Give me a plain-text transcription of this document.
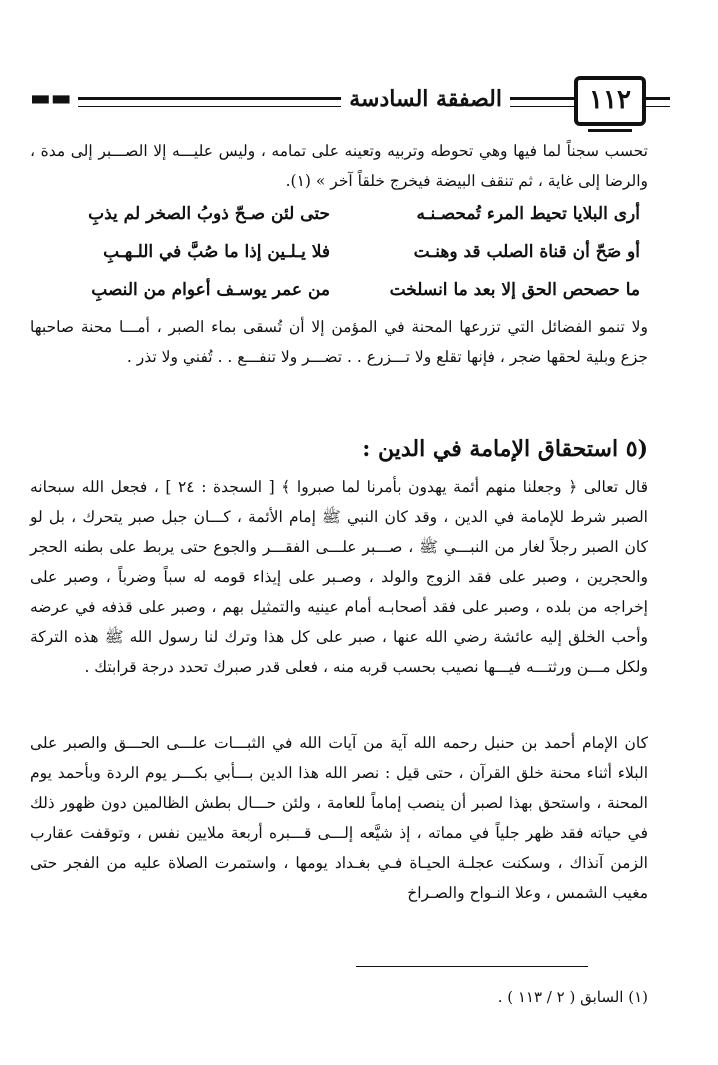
▬▬	الصفقة السادسة	١١٢
تحسب سجناً لما فيها وهي تحوطه وتربيه وتعينه على تمامه ، وليس عليـــه إلا الصـــبر إلى مدة ، والرضا إلى غاية ، ثم تنقف البيضة فيخرج خلقاً آخر » (١).
أرى البلايا تحيط المرء تُمحصـنـه
حتى لئن صـحّ ذوبُ الصخر لم يذبِ
أو صَحّ أن قناة الصلب قد وهنـت
فلا يـلـين إذا ما صُبَّ في اللـهـبِ
ما حصحص الحق إلا بعد ما انسلخت
من عمر يوسـف أعوام من النصبِ
ولا تنمو الفضائل التي تزرعها المحنة في المؤمن إلا أن تُسقى بماء الصبر ، أمـــا محنة صاحبها جزع وبلية لحقها ضجر ، فإنها تقلع ولا تـــزرع . . تضـــر ولا تنفـــع . . تُفني ولا تذر .
(٥ استحقاق الإمامة في الدين :
قال تعالى ﴿ وجعلنا منهم أئمة يهدون بأمرنا لما صبروا ﴾ [ السجدة : ٢٤ ] ، فجعل الله سبحانه الصبر شرط للإمامة في الدين ، وقد كان النبي ﷺ إمام الأئمة ، كـــان جبل صبر يتحرك ، بل لو كان الصبر رجلاً لغار من النبـــي ﷺ ، صـــبر علـــى الفقـــر والجوع حتى يربط على بطنه الحجر والحجرين ، وصبر على فقد الزوج والولد ، وصـبر على إيذاء قومه له سباً وضرباً ، وصبر على إخراجه من بلده ، وصبر على فقد أصحابـه أمام عينيه والتمثيل بهم ، وصبر على قذفه في عرضه وأحب الخلق إليه عائشة رضي الله عنها ، صبر على كل هذا وترك لنا رسول الله ﷺ هذه التركة ولكل مـــن ورثتـــه فيـــها نصيب بحسب قربه منه ، فعلى قدر صبرك تحدد درجة قرابتك .
كان الإمام أحمد بن حنبل رحمه الله آية من آيات الله في الثبـــات علـــى الحـــق والصبر على البلاء أثناء محنة خلق القرآن ، حتى قيل : نصر الله هذا الدين بـــأبي بكـــر يوم الردة وبأحمد يوم المحنة ، واستحق بهذا لصبر أن ينصب إماماً للعامة ، ولئن حـــال بطش الظالمين دون ظهور ذلك في حياته فقد ظهر جلياً في مماته ، إذ شيَّعه إلـــى قـــبره أربعة ملايين نفس ، وتوقفت عقارب الزمن آنذاك ، وسكنت عجلـة الحيـاة فـي بغـداد يومها ، واستمرت الصلاة عليه من الفجر حتى مغيب الشمس ، وعلا النـواح والصـراخ
(١) السابق ( ٢ / ١١٣ ) .
